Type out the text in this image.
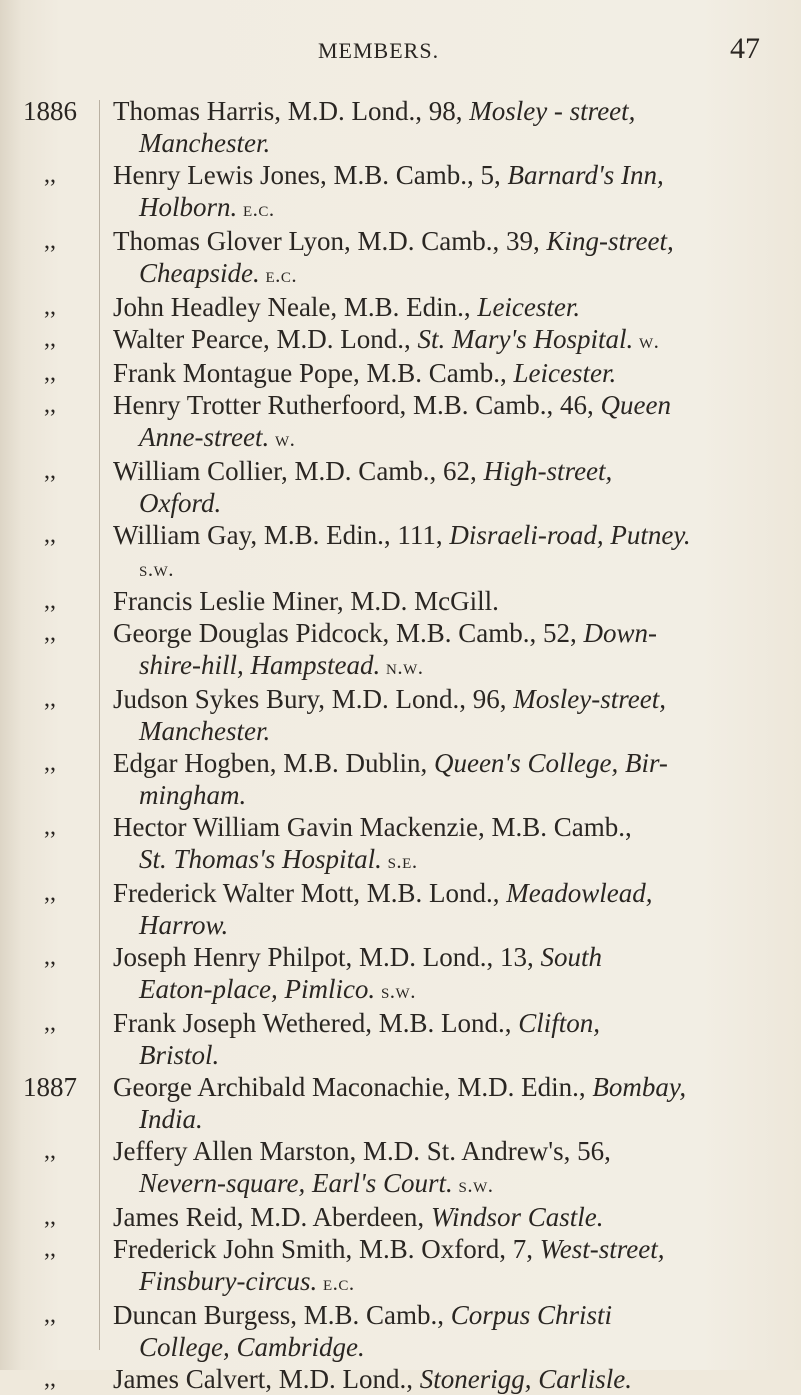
MEMBERS.	47
1886	Thomas Harris, M.D. Lond., 98, Mosley - street,
Manchester.
,,	Henry Lewis Jones, M.B. Camb., 5, Barnard's Inn,
Holborn. e.c.
,,	Thomas Glover Lyon, M.D. Camb., 39, King-street,
Cheapside. e.c.
,,	John Headley Neale, M.B. Edin., Leicester.
,,	Walter Pearce, M.D. Lond., St. Mary's Hospital. w.
,,	Frank Montague Pope, M.B. Camb., Leicester.
,,	Henry Trotter Rutherfoord, M.B. Camb., 46, Queen
Anne-street. w.
,,	William Collier, M.D. Camb., 62, High-street,
Oxford.
,,	William Gay, M.B. Edin., 111, Disraeli-road, Putney.
s.w.
,,	Francis Leslie Miner, M.D. McGill.
,,	George Douglas Pidcock, M.B. Camb., 52, Down-
shire-hill, Hampstead. n.w.
,,	Judson Sykes Bury, M.D. Lond., 96, Mosley-street,
Manchester.
,,	Edgar Hogben, M.B. Dublin, Queen's College, Bir-
mingham.
,,	Hector William Gavin Mackenzie, M.B. Camb.,
St. Thomas's Hospital. s.e.
,,	Frederick Walter Mott, M.B. Lond., Meadowlead,
Harrow.
,,	Joseph Henry Philpot, M.D. Lond., 13, South
Eaton-place, Pimlico. s.w.
,,	Frank Joseph Wethered, M.B. Lond., Clifton,
Bristol.
1887	George Archibald Maconachie, M.D. Edin., Bombay,
India.
,,	Jeffery Allen Marston, M.D. St. Andrew's, 56,
Nevern-square, Earl's Court. s.w.
,,	James Reid, M.D. Aberdeen, Windsor Castle.
,,	Frederick John Smith, M.B. Oxford, 7, West-street,
Finsbury-circus. e.c.
,,	Duncan Burgess, M.B. Camb., Corpus Christi
College, Cambridge.
,,	James Calvert, M.D. Lond., Stonerigg, Carlisle.
